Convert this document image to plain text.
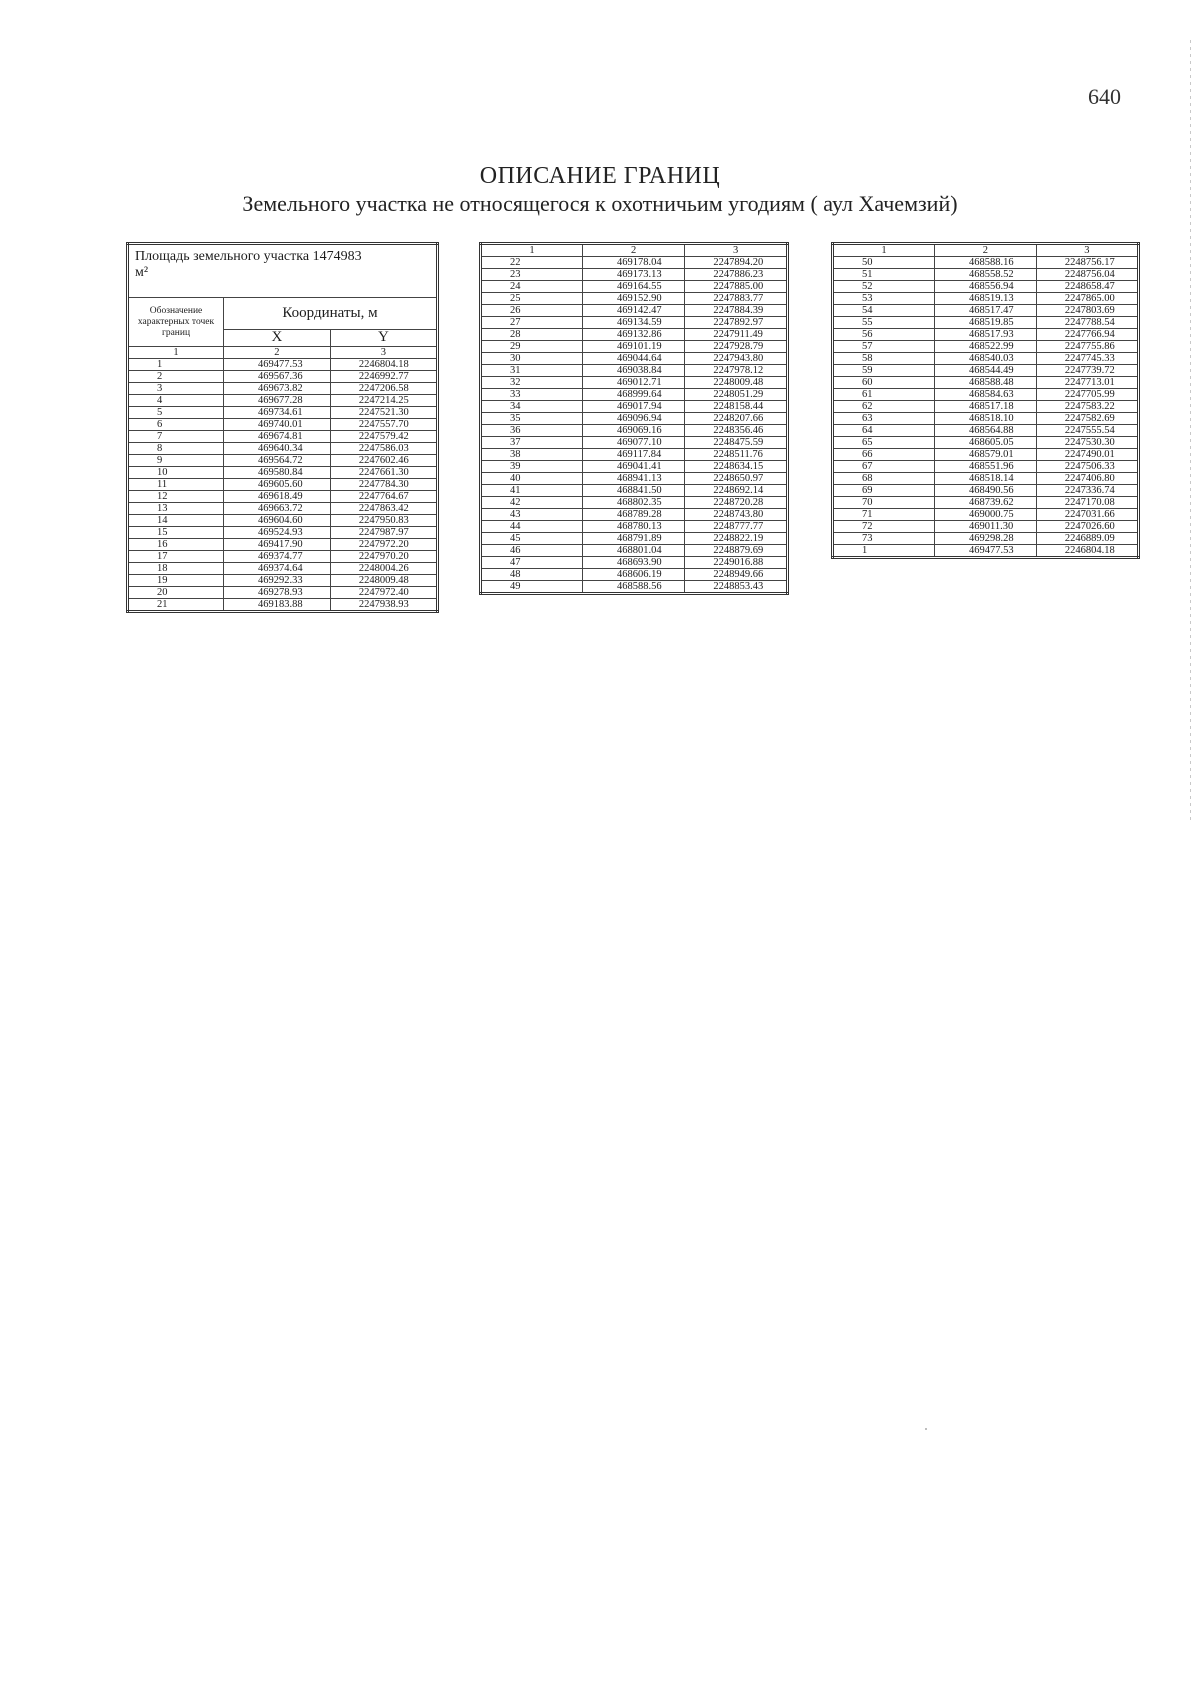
640
ОПИСАНИЕ ГРАНИЦ
Земельного участка не относящегося к охотничьим угодиям ( аул Хачемзий)
Площадь земельного участка 1474983
м²		
Обозначение характерных точек границ	Координаты, м	
	X	Y
1	2	3
1	469477.53	2246804.18
2	469567.36	2246992.77
3	469673.82	2247206.58
4	469677.28	2247214.25
5	469734.61	2247521.30
6	469740.01	2247557.70
7	469674.81	2247579.42
8	469640.34	2247586.03
9	469564.72	2247602.46
10	469580.84	2247661.30
11	469605.60	2247784.30
12	469618.49	2247764.67
13	469663.72	2247863.42
14	469604.60	2247950.83
15	469524.93	2247987.97
16	469417.90	2247972.20
17	469374.77	2247970.20
18	469374.64	2248004.26
19	469292.33	2248009.48
20	469278.93	2247972.40
21	469183.88	2247938.93
1	2	3
22	469178.04	2247894.20
23	469173.13	2247886.23
24	469164.55	2247885.00
25	469152.90	2247883.77
26	469142.47	2247884.39
27	469134.59	2247892.97
28	469132.86	2247911.49
29	469101.19	2247928.79
30	469044.64	2247943.80
31	469038.84	2247978.12
32	469012.71	2248009.48
33	468999.64	2248051.29
34	469017.94	2248158.44
35	469096.94	2248207.66
36	469069.16	2248356.46
37	469077.10	2248475.59
38	469117.84	2248511.76
39	469041.41	2248634.15
40	468941.13	2248650.97
41	468841.50	2248692.14
42	468802.35	2248720.28
43	468789.28	2248743.80
44	468780.13	2248777.77
45	468791.89	2248822.19
46	468801.04	2248879.69
47	468693.90	2249016.88
48	468606.19	2248949.66
49	468588.56	2248853.43
1	2	3
50	468588.16	2248756.17
51	468558.52	2248756.04
52	468556.94	2248658.47
53	468519.13	2247865.00
54	468517.47	2247803.69
55	468519.85	2247788.54
56	468517.93	2247766.94
57	468522.99	2247755.86
58	468540.03	2247745.33
59	468544.49	2247739.72
60	468588.48	2247713.01
61	468584.63	2247705.99
62	468517.18	2247583.22
63	468518.10	2247582.69
64	468564.88	2247555.54
65	468605.05	2247530.30
66	468579.01	2247490.01
67	468551.96	2247506.33
68	468518.14	2247406.80
69	468490.56	2247336.74
70	468739.62	2247170.08
71	469000.75	2247031.66
72	469011.30	2247026.60
73	469298.28	2246889.09
1	469477.53	2246804.18
